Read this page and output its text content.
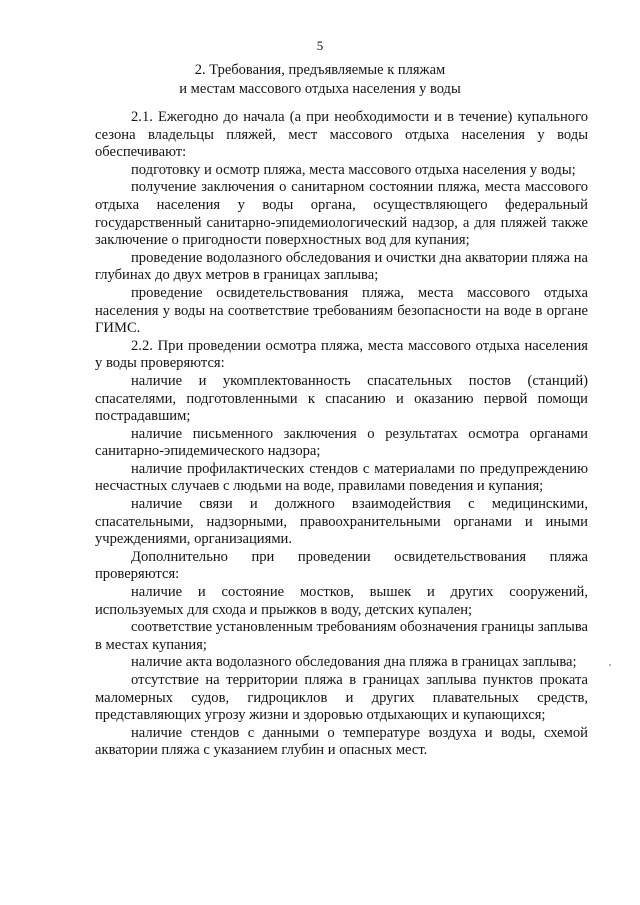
5
2. Требования, предъявляемые к пляжам
и местам массового отдыха населения у воды

2.1. Ежегодно до начала (а при необходимости и в течение) купального сезона владельцы пляжей, мест массового отдыха населения у воды обеспечивают:

подготовку и осмотр пляжа, места массового отдыха населения у воды;

получение заключения о санитарном состоянии пляжа, места массового отдыха населения у воды органа, осуществляющего федеральный государственный санитарно-эпидемиологический надзор, а для пляжей также заключение о пригодности поверхностных вод для купания;

проведение водолазного обследования и очистки дна акватории пляжа на глубинах до двух метров в границах заплыва;

проведение освидетельствования пляжа, места массового отдыха населения у воды на соответствие требованиям безопасности на воде в органе ГИМС.

2.2. При проведении осмотра пляжа, места массового отдыха населения у воды проверяются:

наличие и укомплектованность спасательных постов (станций) спасателями, подготовленными к спасанию и оказанию первой помощи пострадавшим;

наличие письменного заключения о результатах осмотра органами санитарно-эпидемического надзора;

наличие профилактических стендов с материалами по предупреждению несчастных случаев с людьми на воде, правилами поведения и купания;

наличие связи и должного взаимодействия с медицинскими, спасательными, надзорными, правоохранительными органами и иными учреждениями, организациями.

Дополнительно при проведении освидетельствования пляжа проверяются:

наличие и состояние мостков, вышек и других сооружений, используемых для схода и прыжков в воду, детских купален;

соответствие установленным требованиям обозначения границы заплыва в местах купания;

наличие акта водолазного обследования дна пляжа в границах заплыва;

отсутствие на территории пляжа в границах заплыва пунктов проката маломерных судов, гидроциклов и других плавательных средств, представляющих угрозу жизни и здоровью отдыхающих и купающихся;

наличие стендов с данными о температуре воздуха и воды, схемой акватории пляжа с указанием глубин и опасных мест.
